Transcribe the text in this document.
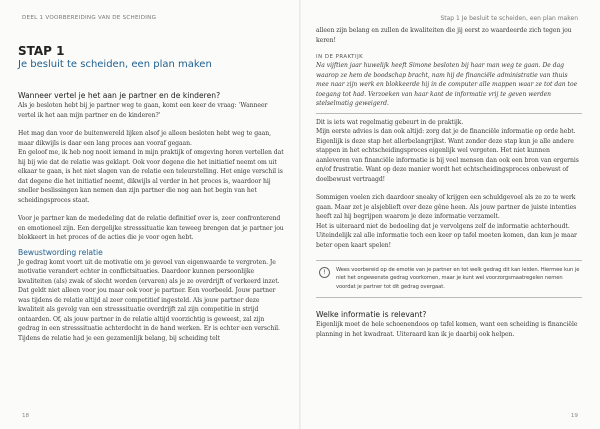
DEEL 1 VOORBEREIDING VAN DE SCHEIDING
STAP 1
Je besluit te scheiden, een plan maken
Wanneer vertel je het aan je partner en de kinderen?

Als je besloten hebt bij je partner weg te gaan, komt een keer de vraag: ‘Wanneer vertel ik het aan mijn partner en de kinderen?’

Het mag dan voor de buitenwereld lijken alsof je alleen besloten hebt weg te gaan, maar dikwijls is daar een lang proces aan vooraf gegaan.

En geloof me, ik heb nog nooit iemand in mijn praktijk of omgeving horen vertellen dat hij bij wie dat de relatie was geklapt. Ook voor degene die het initiatief neemt om uit elkaar te gaan, is het niet slagen van de relatie een teleurstelling. Het enige verschil is dat degene die het initiatief neemt, dikwijls al verder in het proces is, waardoor hij sneller beslissingen kan nemen dan zijn partner die nog aan het begin van het scheidingsproces staat.

Voor je partner kan de mededeling dat de relatie definitief over is, zeer confronterend en emotioneel zijn. Een dergelijke stresssituatie kan teweeg brengen dat je partner jou blokkeert in het proces of de acties die je voor ogen hebt.

Bewustwording relatie

Je gedrag komt voort uit de motivatie om je gevoel van eigenwaarde te vergroten. Je motivatie verandert echter in conflictsituaties. Daardoor kunnen persoonlijke kwaliteiten (als) zwak of slecht worden (ervaren) als je ze overdrijft of verkeerd inzet. Dat geldt niet alleen voor jou maar ook voor je partner. Een voorbeeld. Jouw partner was tijdens de relatie altijd al zeer competitief ingesteld. Als jouw partner deze kwaliteit als gevolg van een stresssituatie overdrijft zal zijn competitie in strijd ontaarden. Of, als jouw partner in de relatie altijd voorzichtig is geweest, zal zijn gedrag in een stresssituatie achterdocht in de hand werken. Er is echter een verschil. Tijdens de relatie had je een gezamenlijk belang, bij scheiding telt

18
Stap 1 Je besluit te scheiden, een plan maken

alleen zijn belang en zullen de kwaliteiten die jij eerst zo waardeerde zich tegen jou keren!

IN DE PRAKTIJK
Na vijftien jaar huwelijk heeft Simone besloten bij haar man weg te gaan. De dag waarop ze hem de boodschap bracht, nam hij de financiële administratie van thuis mee naar zijn werk en blokkeerde hij in de computer alle mappen waar ze tot dan toe toegang tot had. Verzoeken van haar kant de informatie vrij te geven werden stelselmatig geweigerd.

Dit is iets wat regelmatig gebeurt in de praktijk.

Mijn eerste advies is dan ook altijd: zorg dat je de financiële informatie op orde hebt. Eigenlijk is deze stap het allerbelangrijkst. Want zonder deze stap kun je alle andere stappen in het echtscheidingsproces eigenlijk wel vergeten. Het niet kunnen aanleveren van financiële informatie is bij veel mensen dan ook een bron van ergernis en/of frustratie. Want op deze manier wordt het echtscheidingsproces onbewust of doelbewust vertraagd!

Sommigen voelen zich daardoor sneaky of krijgen een schuldgevoel als ze zo te werk gaan. Maar zet je alsjeblieft over deze gêne heen. Als jouw partner de juiste intenties heeft zal hij begrijpen waarom je deze informatie verzamelt.

Het is uiteraard niet de bedoeling dat je vervolgens zelf de informatie achterhoudt. Uiteindelijk zal alle informatie toch een keer op tafel moeten komen, dan kun je maar beter open kaart spelen!

!	Wees voorbereid op de emotie van je partner en tot welk gedrag dit kan leiden. Hiermee kun je niet het ongewenste gedrag voorkomen, maar je kunt wel voorzorgsmaatregelen nemen voordat je partner tot dit gedrag overgaat.

Welke informatie is relevant?

Eigenlijk moet de hele schoenendoos op tafel komen, want een scheiding is financiële planning in het kwadraat. Uiteraard kan ik je daarbij ook helpen.

19
